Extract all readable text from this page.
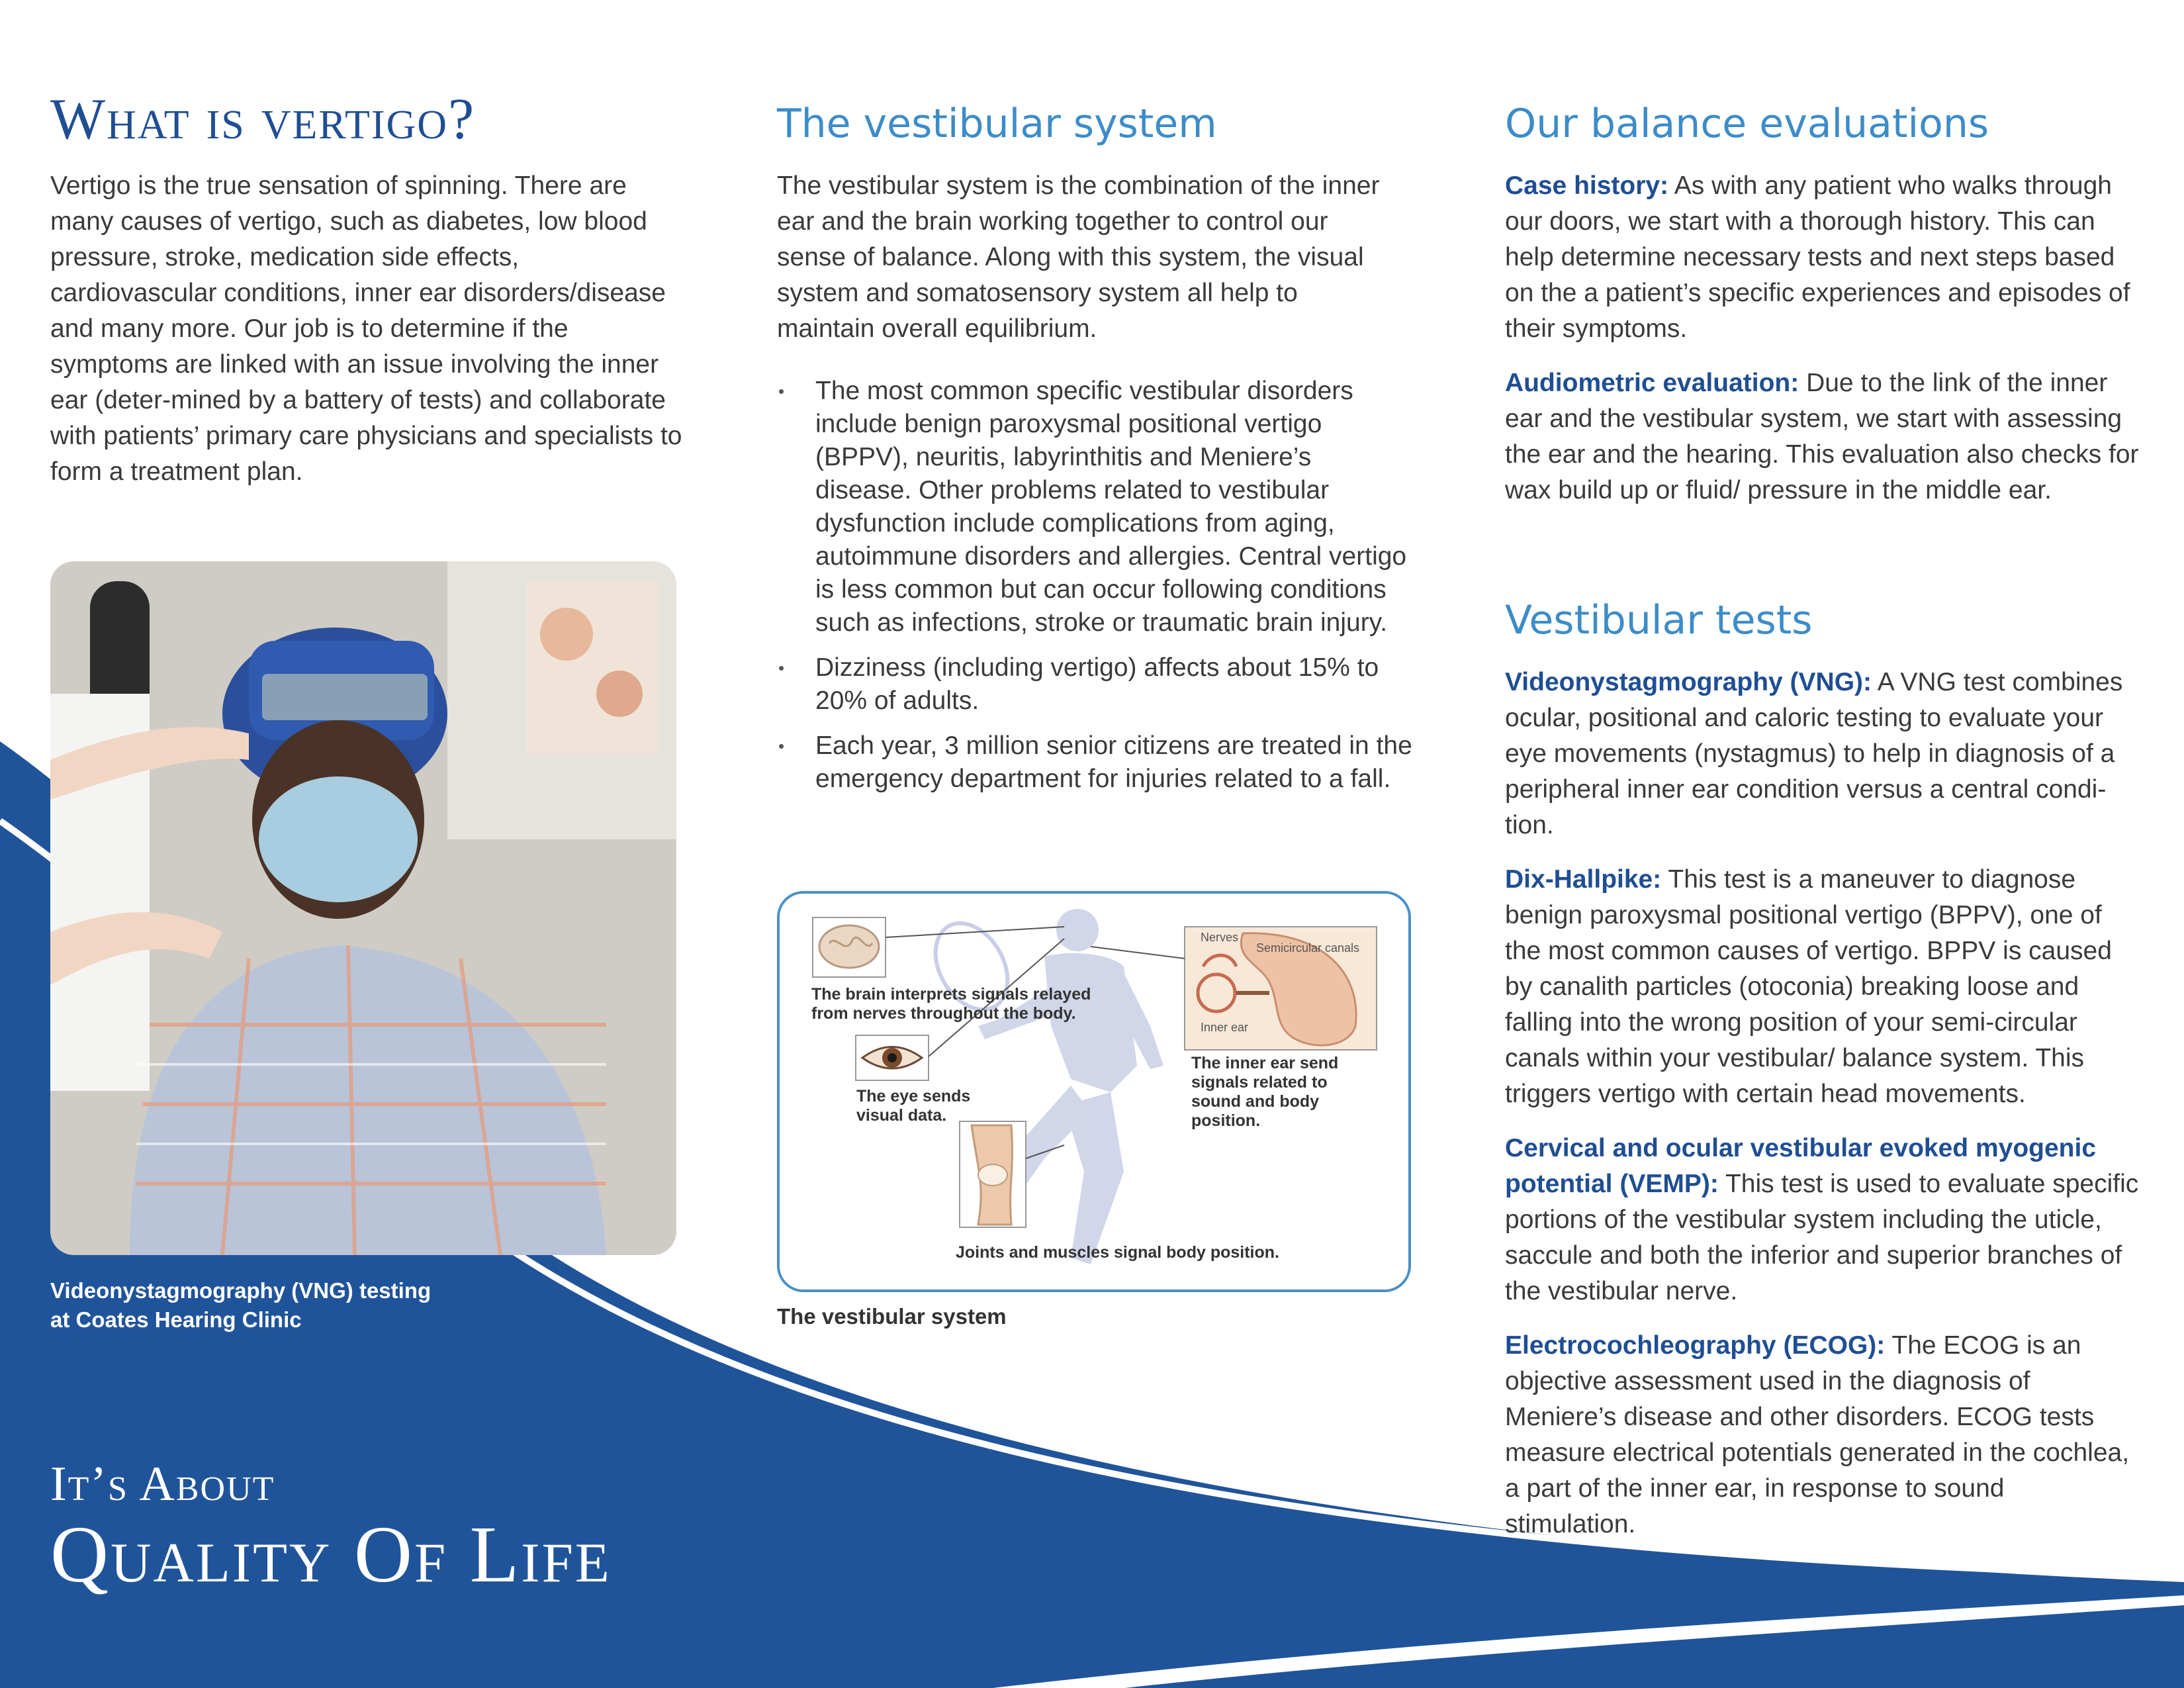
What is vertigo?

Vertigo is the true sensation of spinning. There are many causes of vertigo, such as diabetes, low blood pressure, stroke, medication side effects, cardiovascular conditions, inner ear disorders/disease and many more. Our job is to determine if the symptoms are linked with an issue involving the inner ear (deter-mined by a battery of tests) and collaborate with patients’ primary care physicians and specialists to form a treatment plan.

Videonystagmography (VNG) testing
at Coates Hearing Clinic
It’s About
Quality Of Life
The vestibular system

The vestibular system is the combination of the inner ear and the brain working together to control our sense of balance. Along with this system, the visual system and somatosensory system all help to maintain overall equilibrium.

• The most common specific vestibular disorders include benign paroxysmal positional vertigo (BPPV), neuritis, labyrinthitis and Meniere’s disease. Other problems related to vestibular dysfunction include complications from aging, autoimmune disorders and allergies. Central vertigo is less common but can occur following conditions such as infections, stroke or traumatic brain injury.
• Dizziness (including vertigo) affects about 15% to 20% of adults.
• Each year, 3 million senior citizens are treated in the emergency department for injuries related to a fall.
Nerves
Semicircular canals
Inner ear
The brain interprets signals relayed from nerves throughout the body.
The eye sends visual data.
The inner ear send signals related to sound and body position.
Joints and muscles signal body position.
The vestibular system
Our balance evaluations

Case history: As with any patient who walks through our doors, we start with a thorough history. This can help determine necessary tests and next steps based on the a patient’s specific experiences and episodes of their symptoms.

Audiometric evaluation: Due to the link of the inner ear and the vestibular system, we start with assessing the ear and the hearing. This evaluation also checks for wax build up or fluid/ pressure in the middle ear.

Vestibular tests

Videonystagmography (VNG): A VNG test combines ocular, positional and caloric testing to evaluate your eye movements (nystagmus) to help in diagnosis of a peripheral inner ear condition versus a central condi- tion.

Dix-Hallpike: This test is a maneuver to diagnose benign paroxysmal positional vertigo (BPPV), one of the most common causes of vertigo. BPPV is caused by canalith particles (otoconia) breaking loose and falling into the wrong position of your semi-circular canals within your vestibular/ balance system. This triggers vertigo with certain head movements.

Cervical and ocular vestibular evoked myogenic potential (VEMP): This test is used to evaluate specific portions of the vestibular system including the uticle, saccule and both the inferior and superior branches of the vestibular nerve.

Electrocochleography (ECOG): The ECOG is an objective assessment used in the diagnosis of Meniere’s disease and other disorders. ECOG tests measure electrical potentials generated in the cochlea, a part of the inner ear, in response to sound stimulation.
